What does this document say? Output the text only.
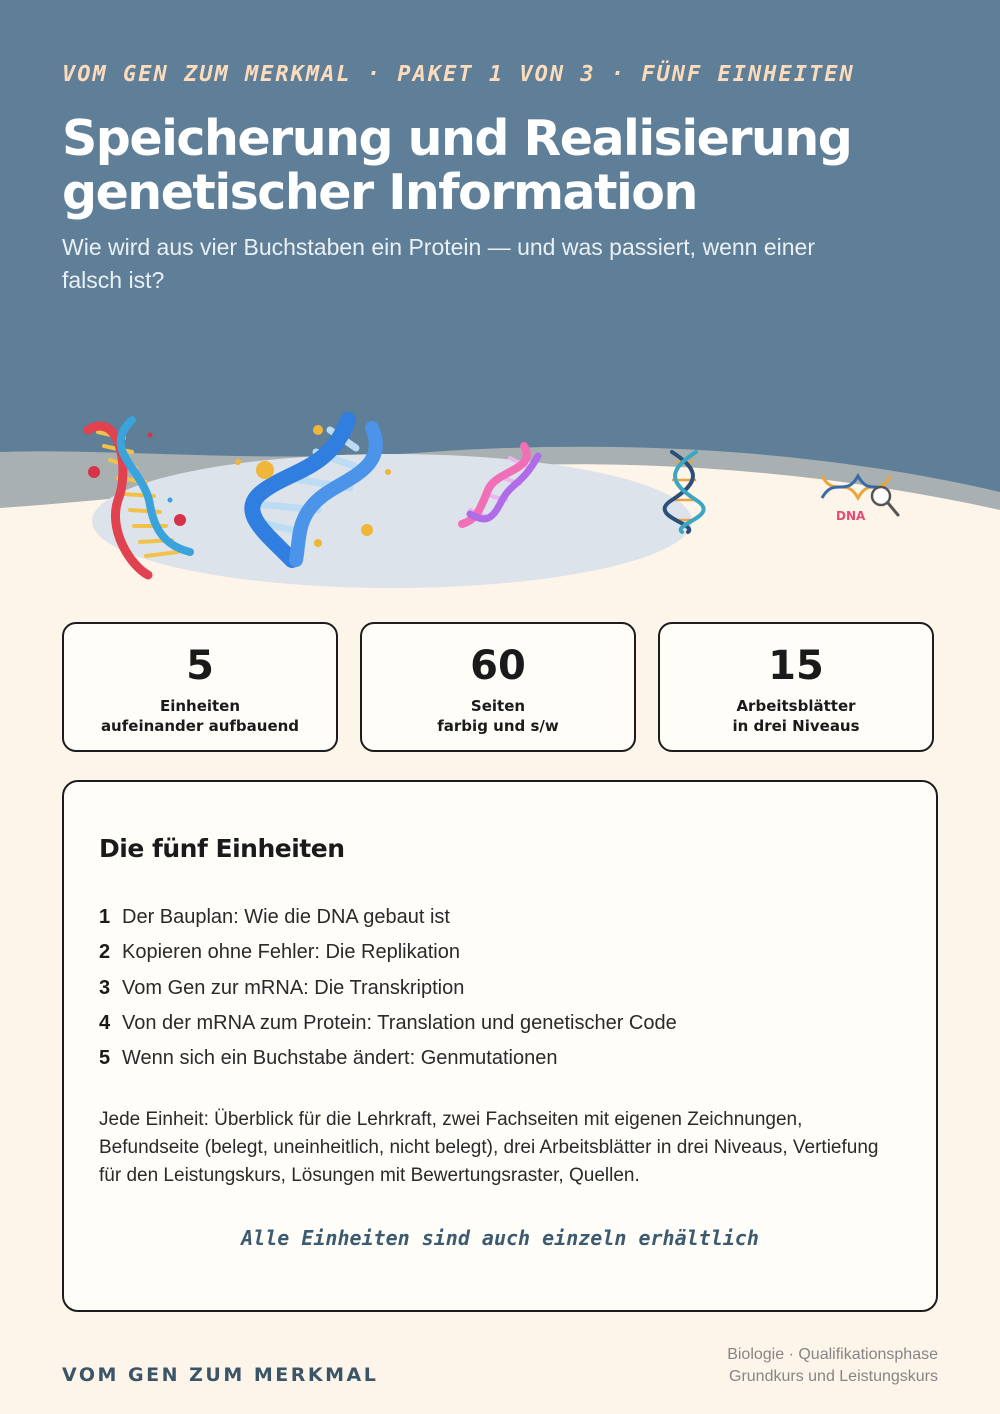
DNA
VOM GEN ZUM MERKMAL · PAKET 1 VON 3 · FÜNF EINHEITEN
Speicherung und Realisierung
genetischer Information

Wie wird aus vier Buchstaben ein Protein — und was passiert, wenn einer falsch ist?

5
Einheiten
aufeinander aufbauend
60
Seiten
farbig und s/w
15
Arbeitsblätter
in drei Niveaus
Die fünf Einheiten
1 Der Bauplan: Wie die DNA gebaut ist
2 Kopieren ohne Fehler: Die Replikation
3 Vom Gen zur mRNA: Die Transkription
4 Von der mRNA zum Protein: Translation und genetischer Code
5 Wenn sich ein Buchstabe ändert: Genmutationen

Jede Einheit: Überblick für die Lehrkraft, zwei Fachseiten mit eigenen Zeichnungen, Befundseite (belegt, uneinheitlich, nicht belegt), drei Arbeitsblätter in drei Niveaus, Vertiefung für den Leistungskurs, Lösungen mit Bewertungsraster, Quellen.

Alle Einheiten sind auch einzeln erhältlich
VOM GEN ZUM MERKMAL
Biologie · Qualifikationsphase
Grundkurs und Leistungskurs
